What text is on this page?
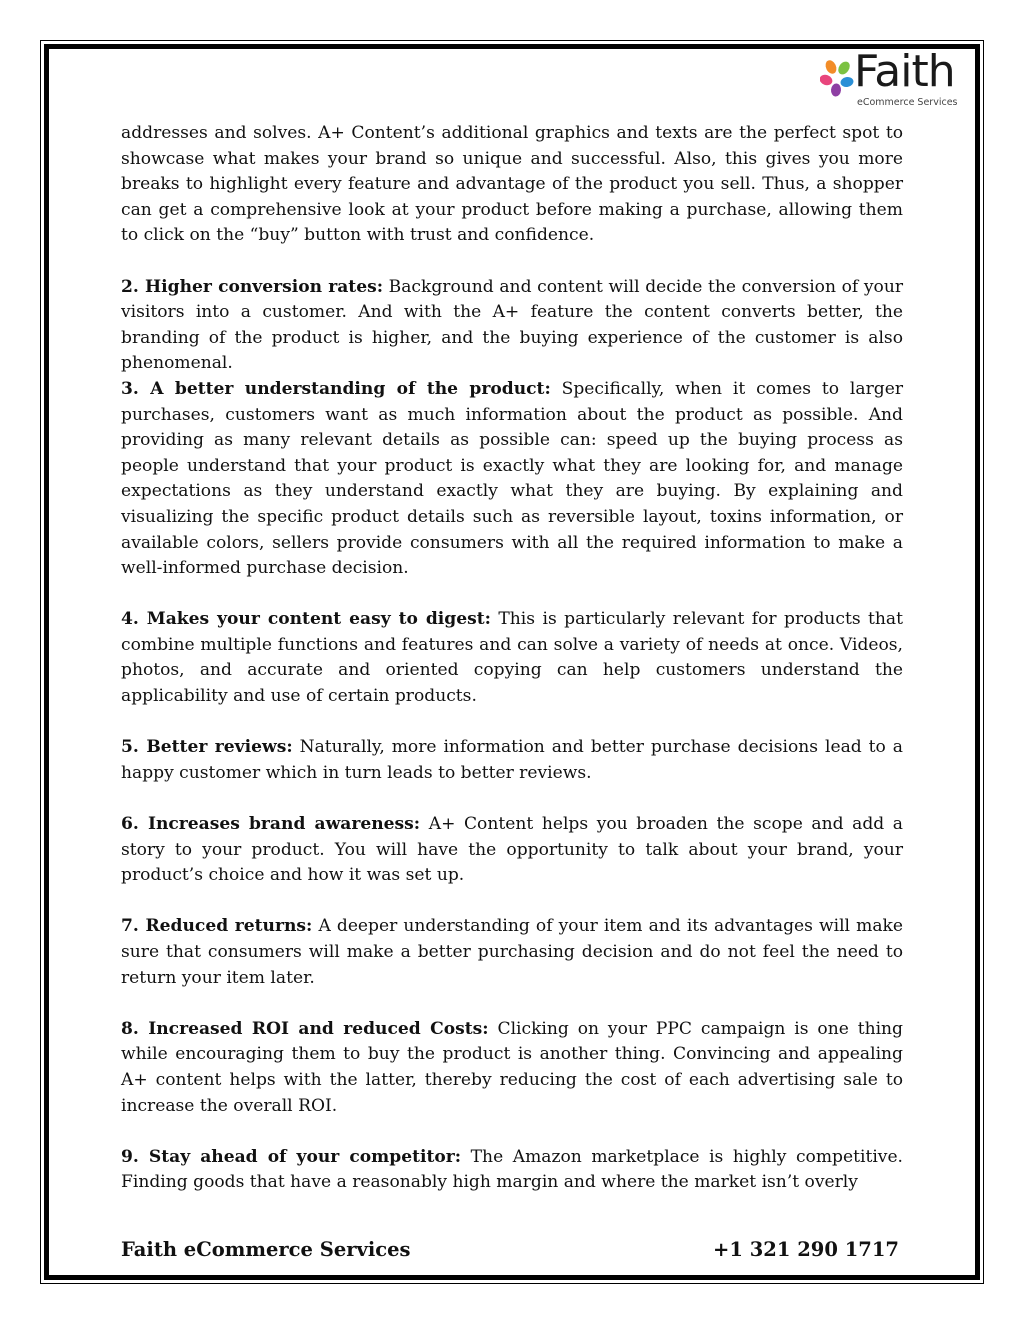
Faith
eCommerce Services

addresses and solves. A+ Content’s additional graphics and texts are the perfect spot to showcase what makes your brand so unique and successful. Also, this gives you more breaks to highlight every feature and advantage of the product you sell. Thus, a shopper can get a comprehensive look at your product before making a purchase, allowing them to click on the “buy” button with trust and confidence.

2. Higher conversion rates: Background and content will decide the conversion of your visitors into a customer. And with the A+ feature the content converts better, the branding of the product is higher, and the buying experience of the customer is also phenomenal.

3. A better understanding of the product: Specifically, when it comes to larger purchases, customers want as much information about the product as possible. And providing as many relevant details as possible can: speed up the buying process as people understand that your product is exactly what they are looking for, and manage expectations as they understand exactly what they are buying. By explaining and visualizing the specific product details such as reversible layout, toxins information, or available colors, sellers provide consumers with all the required information to make a well-informed purchase decision.

4. Makes your content easy to digest: This is particularly relevant for products that combine multiple functions and features and can solve a variety of needs at once. Videos, photos, and accurate and oriented copying can help customers understand the applicability and use of certain products.

5. Better reviews: Naturally, more information and better purchase decisions lead to a happy customer which in turn leads to better reviews.

6. Increases brand awareness: A+ Content helps you broaden the scope and add a story to your product. You will have the opportunity to talk about your brand, your product’s choice and how it was set up.

7. Reduced returns: A deeper understanding of your item and its advantages will make sure that consumers will make a better purchasing decision and do not feel the need to return your item later.

8. Increased ROI and reduced Costs: Clicking on your PPC campaign is one thing while encouraging them to buy the product is another thing. Convincing and appealing A+ content helps with the latter, thereby reducing the cost of each advertising sale to increase the overall ROI.

9. Stay ahead of your competitor: The Amazon marketplace is highly competitive. Finding goods that have a reasonably high margin and where the market isn’t overly

Faith eCommerce Services	+1 321 290 1717
